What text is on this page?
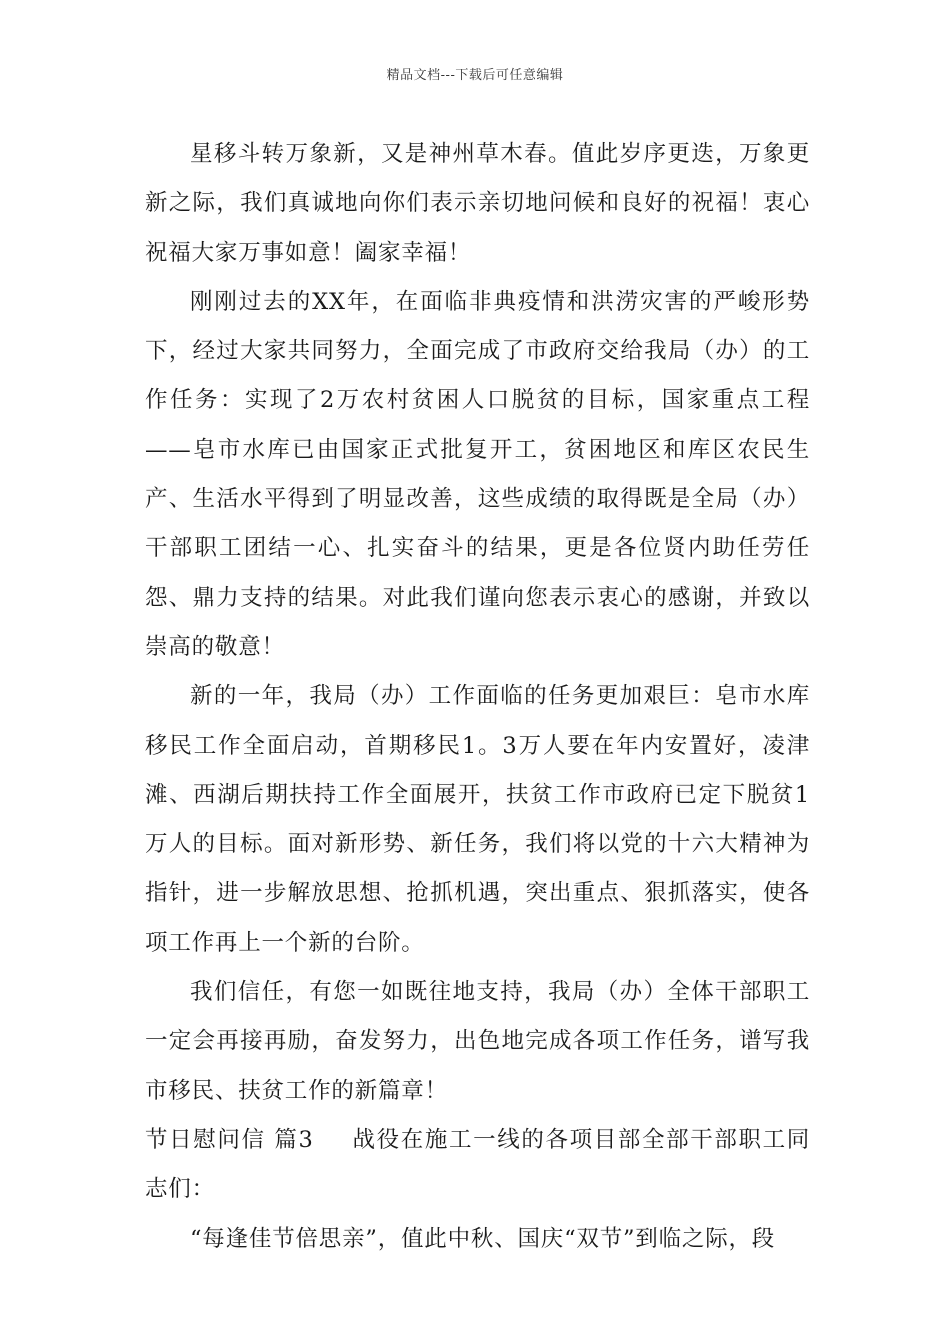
精品文档---下载后可任意编辑

星移斗转万象新，又是神州草木春。值此岁序更迭，万象更新之际，我们真诚地向你们表示亲切地问候和良好的祝福！衷心祝福大家万事如意！阖家幸福！

刚刚过去的XX年，在面临非典疫情和洪涝灾害的严峻形势下，经过大家共同努力，全面完成了市政府交给我局（办）的工作任务：实现了2万农村贫困人口脱贫的目标，国家重点工程——皂市水库已由国家正式批复开工，贫困地区和库区农民生产、生活水平得到了明显改善，这些成绩的取得既是全局（办）干部职工团结一心、扎实奋斗的结果，更是各位贤内助任劳任怨、鼎力支持的结果。对此我们谨向您表示衷心的感谢，并致以崇高的敬意！

新的一年，我局（办）工作面临的任务更加艰巨：皂市水库移民工作全面启动，首期移民1。3万人要在年内安置好，凌津滩、西湖后期扶持工作全面展开，扶贫工作市政府已定下脱贫1万人的目标。面对新形势、新任务，我们将以党的十六大精神为指针，进一步解放思想、抢抓机遇，突出重点、狠抓落实，使各项工作再上一个新的台阶。

我们信任，有您一如既往地支持，我局（办）全体干部职工一定会再接再励，奋发努力，出色地完成各项工作任务，谱写我市移民、扶贫工作的新篇章！

节日慰问信 篇3 战役在施工一线的各项目部全部干部职工同志们：

“每逢佳节倍思亲”，值此中秋、国庆“双节”到临之际，段
